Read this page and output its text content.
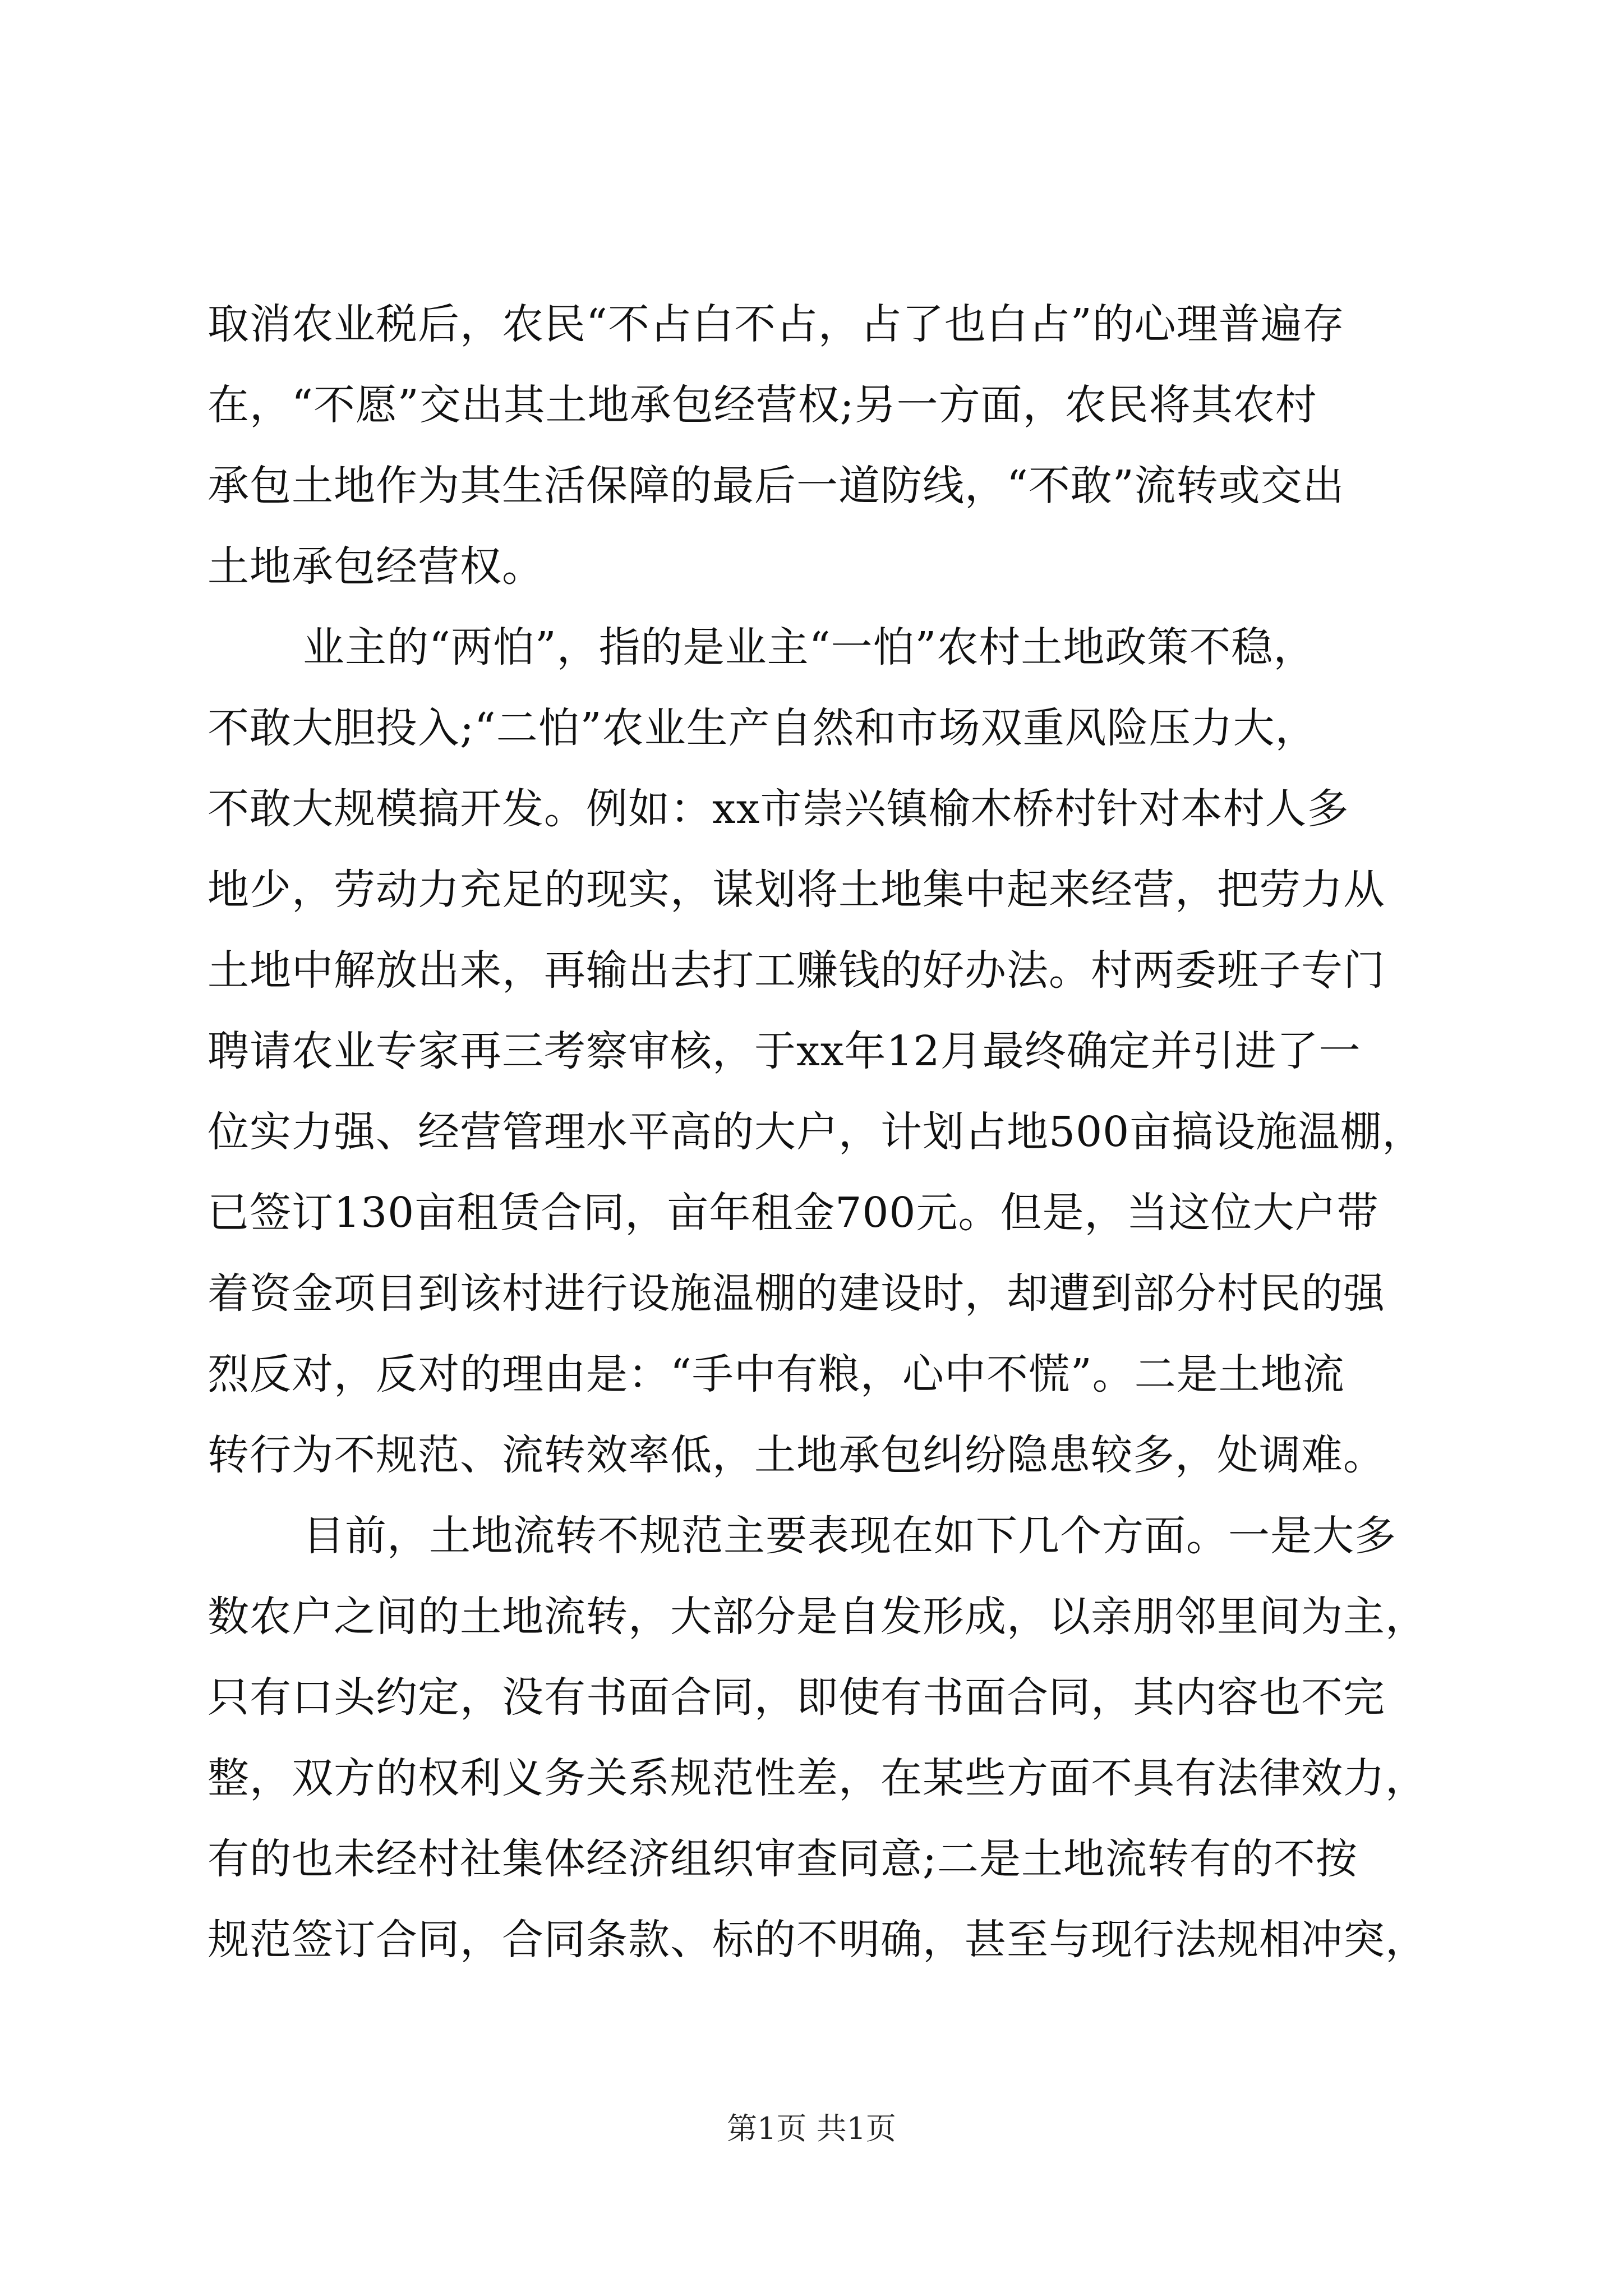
取消农业税后，农民“不占白不占，占了也白占”的心理普遍存
在，“不愿”交出其土地承包经营权;另一方面，农民将其农村
承包土地作为其生活保障的最后一道防线，“不敢”流转或交出
土地承包经营权。
业主的“两怕”，指的是业主“一怕”农村土地政策不稳，
不敢大胆投入;“二怕”农业生产自然和市场双重风险压力大，
不敢大规模搞开发。例如：xx市崇兴镇榆木桥村针对本村人多
地少，劳动力充足的现实，谋划将土地集中起来经营，把劳力从
土地中解放出来，再输出去打工赚钱的好办法。村两委班子专门
聘请农业专家再三考察审核，于xx年12月最终确定并引进了一
位实力强、经营管理水平高的大户，计划占地500亩搞设施温棚，
已签订130亩租赁合同，亩年租金700元。但是，当这位大户带
着资金项目到该村进行设施温棚的建设时，却遭到部分村民的强
烈反对，反对的理由是：“手中有粮，心中不慌”。二是土地流
转行为不规范、流转效率低，土地承包纠纷隐患较多，处调难。
目前，土地流转不规范主要表现在如下几个方面。一是大多
数农户之间的土地流转，大部分是自发形成，以亲朋邻里间为主，
只有口头约定，没有书面合同，即使有书面合同，其内容也不完
整，双方的权利义务关系规范性差，在某些方面不具有法律效力，
有的也未经村社集体经济组织审查同意;二是土地流转有的不按
规范签订合同，合同条款、标的不明确，甚至与现行法规相冲突，
第1页 共1页
